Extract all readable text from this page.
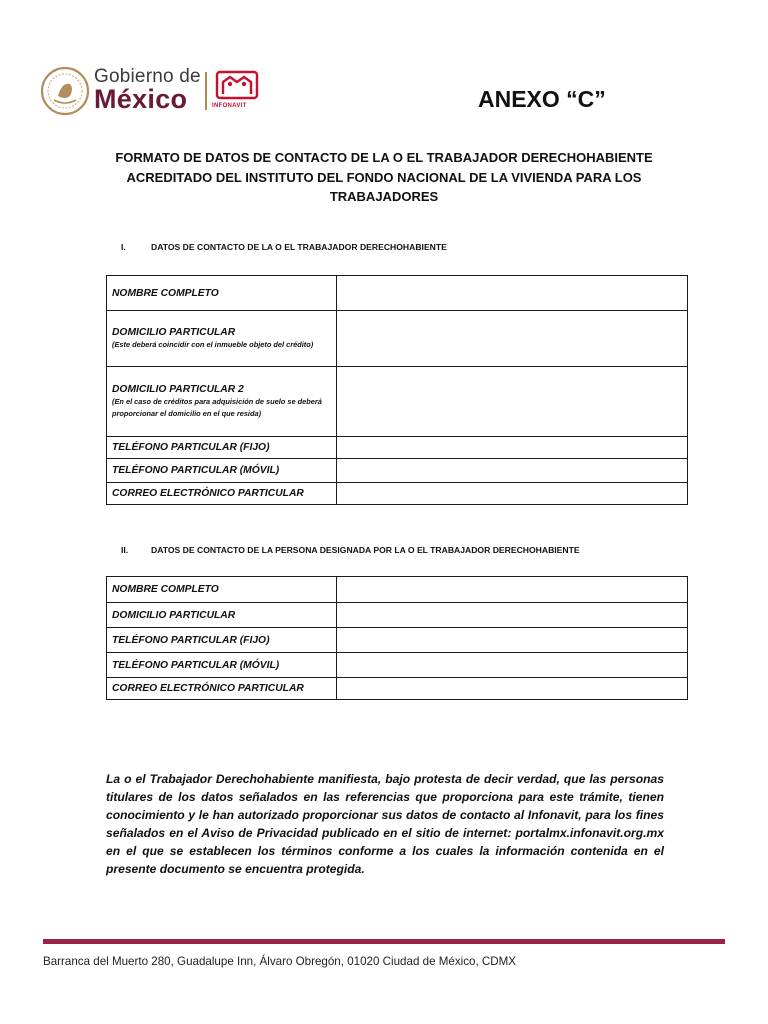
Gobierno de
México	INFONAVIT	ANEXO “C”
FORMATO DE DATOS DE CONTACTO DE LA O EL TRABAJADOR DERECHOHABIENTE ACREDITADO DEL INSTITUTO DEL FONDO NACIONAL DE LA VIVIENDA PARA LOS TRABAJADORES
I.	DATOS DE CONTACTO DE LA O EL TRABAJADOR DERECHOHABIENTE
NOMBRE COMPLETO	
DOMICILIO PARTICULAR
(Este deberá coincidir con el inmueble objeto del crédito)	

DOMICILIO PARTICULAR 2
(En el caso de créditos para adquisición de suelo se deberá proporcionar el domicilio en el que resida)	

TELÉFONO PARTICULAR (FIJO)	
TELÉFONO PARTICULAR (MÓVIL)	
CORREO ELECTRÓNICO PARTICULAR	
II.	DATOS DE CONTACTO DE LA PERSONA DESIGNADA POR LA O EL TRABAJADOR DERECHOHABIENTE
NOMBRE COMPLETO	
DOMICILIO PARTICULAR	
TELÉFONO PARTICULAR (FIJO)	
TELÉFONO PARTICULAR (MÓVIL)	
CORREO ELECTRÓNICO PARTICULAR	
La o el Trabajador Derechohabiente manifiesta, bajo protesta de decir verdad, que las personas titulares de los datos señalados en las referencias que proporciona para este trámite, tienen conocimiento y le han autorizado proporcionar sus datos de contacto al Infonavit, para los fines señalados en el Aviso de Privacidad publicado en el sitio de internet: portalmx.infonavit.org.mx en el que se establecen los términos conforme a los cuales la información contenida en el presente documento se encuentra protegida.
Barranca del Muerto 280, Guadalupe Inn, Álvaro Obregón, 01020 Ciudad de México, CDMX
